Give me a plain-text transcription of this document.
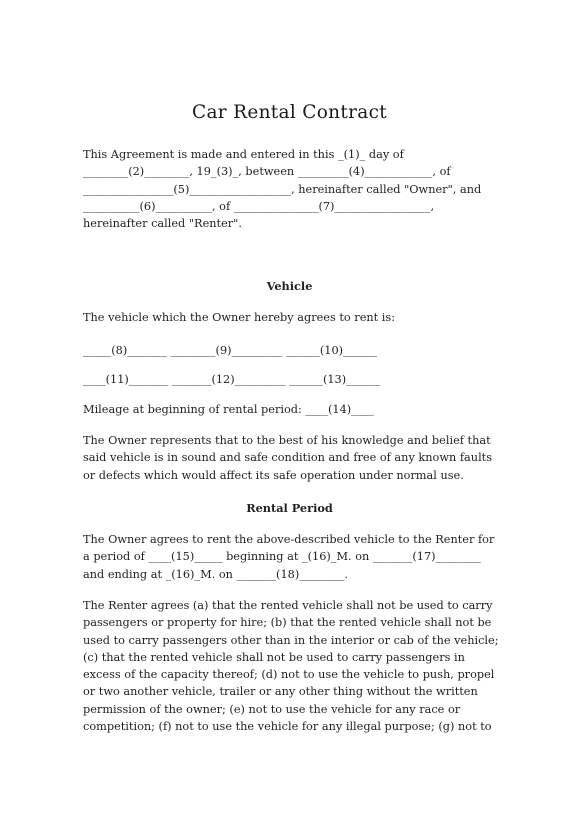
Car Rental Contract

This Agreement is made and entered in this _(1)_ day of
________(2)________, 19_(3)_, between _________(4)____________, of
________________(5)__________________, hereinafter called "Owner", and
__________(6)__________, of _______________(7)_________________,
hereinafter called "Renter".

Vehicle

The vehicle which the Owner hereby agrees to rent is:

_____(8)_______ ________(9)_________ ______(10)______

____(11)_______ _______(12)_________ ______(13)______

Mileage at beginning of rental period: ____(14)____

The Owner represents that to the best of his knowledge and belief that
said vehicle is in sound and safe condition and free of any known faults
or defects which would affect its safe operation under normal use.

Rental Period

The Owner agrees to rent the above-described vehicle to the Renter for
a period of ____(15)_____ beginning at _(16)_M. on _______(17)________
and ending at _(16)_M. on _______(18)________.

The Renter agrees (a) that the rented vehicle shall not be used to carry
passengers or property for hire; (b) that the rented vehicle shall not be
used to carry passengers other than in the interior or cab of the vehicle;
(c) that the rented vehicle shall not be used to carry passengers in
excess of the capacity thereof; (d) not to use the vehicle to push, propel
or two another vehicle, trailer or any other thing without the written
permission of the owner; (e) not to use the vehicle for any race or
competition; (f) not to use the vehicle for any illegal purpose; (g) not to
